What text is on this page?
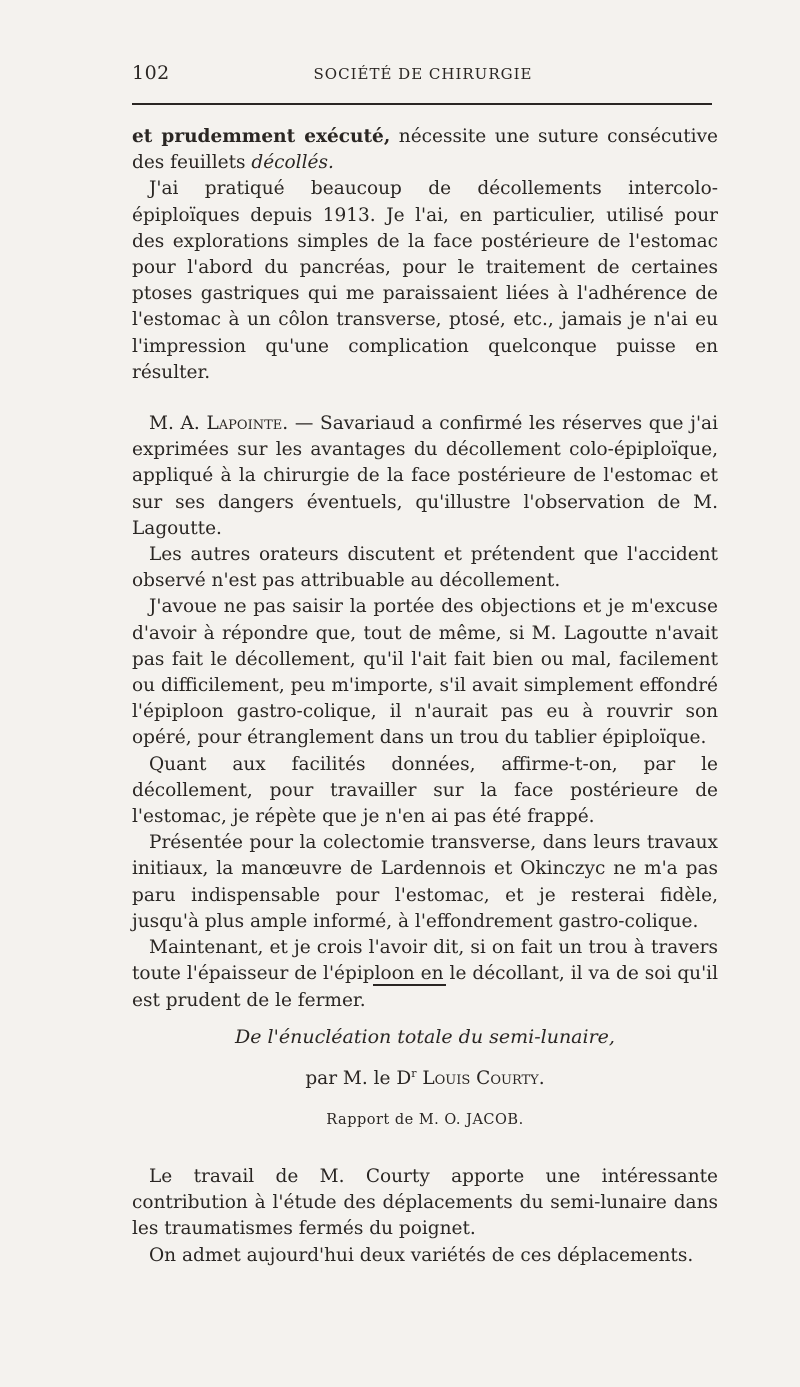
102	SOCIÉTÉ DE CHIRURGIE

et prudemment exécuté, nécessite une suture consécutive des feuillets décollés.

J'ai pratiqué beaucoup de décollements intercolo-épiploïques depuis 1913. Je l'ai, en particulier, utilisé pour des explorations simples de la face postérieure de l'estomac pour l'abord du pancréas, pour le traitement de certaines ptoses gastriques qui me paraissaient liées à l'adhérence de l'estomac à un côlon transverse, ptosé, etc., jamais je n'ai eu l'impression qu'une complication quelconque puisse en résulter.

M. A. Lapointe. — Savariaud a confirmé les réserves que j'ai exprimées sur les avantages du décollement colo-épiploïque, appliqué à la chirurgie de la face postérieure de l'estomac et sur ses dangers éventuels, qu'illustre l'observation de M. Lagoutte.

Les autres orateurs discutent et prétendent que l'accident observé n'est pas attribuable au décollement.

J'avoue ne pas saisir la portée des objections et je m'excuse d'avoir à répondre que, tout de même, si M. Lagoutte n'avait pas fait le décollement, qu'il l'ait fait bien ou mal, facilement ou difficilement, peu m'importe, s'il avait simplement effondré l'épiploon gastro-colique, il n'aurait pas eu à rouvrir son opéré, pour étranglement dans un trou du tablier épiploïque.

Quant aux facilités données, affirme-t-on, par le décollement, pour travailler sur la face postérieure de l'estomac, je répète que je n'en ai pas été frappé.

Présentée pour la colectomie transverse, dans leurs travaux initiaux, la manœuvre de Lardennois et Okinczyc ne m'a pas paru indispensable pour l'estomac, et je resterai fidèle, jusqu'à plus ample informé, à l'effondrement gastro-colique.

Maintenant, et je crois l'avoir dit, si on fait un trou à travers toute l'épaisseur de l'épiploon en le décollant, il va de soi qu'il est prudent de le fermer.

De l'énucléation totale du semi-lunaire,
par M. le $D^r$ Louis Courty.
Rapport de M. O. JACOB.

Le travail de M. Courty apporte une intéressante contribution à l'étude des déplacements du semi-lunaire dans les traumatismes fermés du poignet.

On admet aujourd'hui deux variétés de ces déplacements.
